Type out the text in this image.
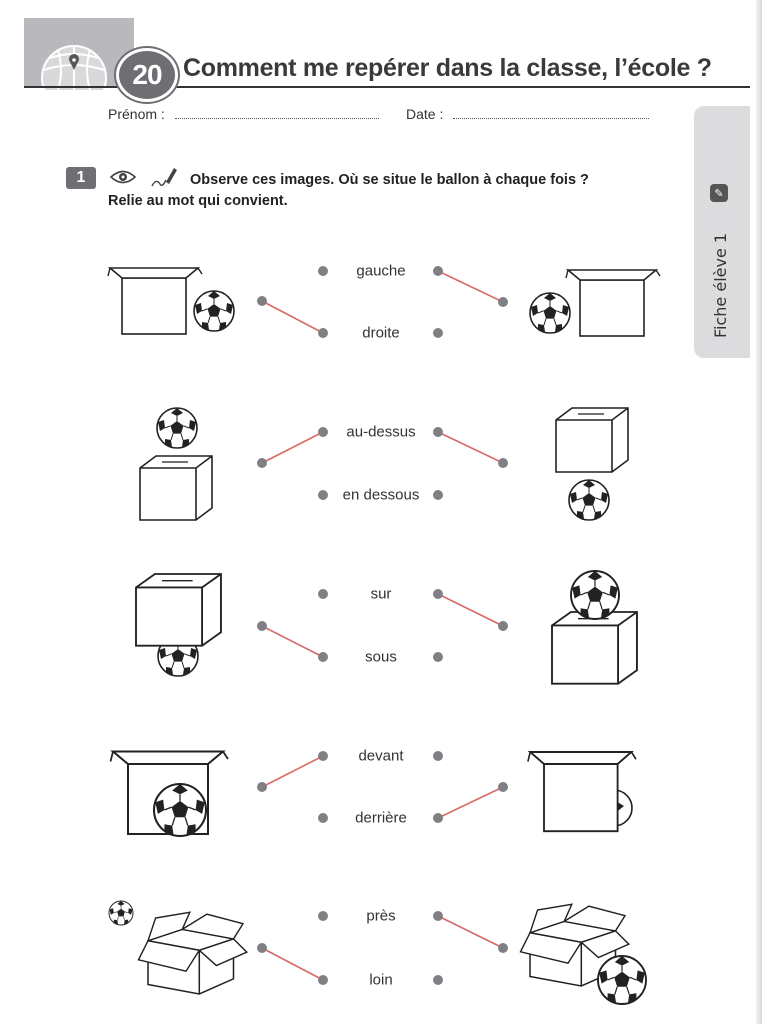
20 Comment me repérer dans la classe, l’école ?
Prénom :	Date :
✎
Fiche élève 1
1	Observe ces images. Où se situe le ballon à chaque fois ?
Relie au mot qui convient.
gauche
droite
au-dessus
en dessous
sur
sous
devant
derrière
près
loin
